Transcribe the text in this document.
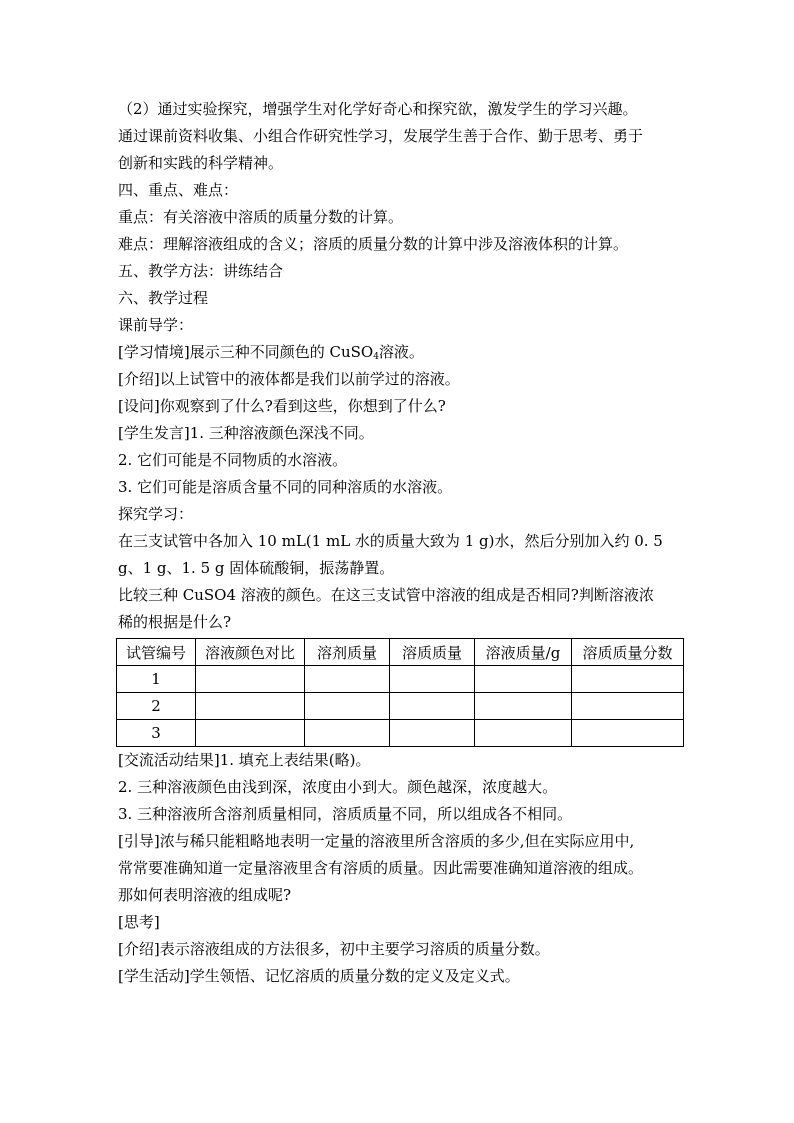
（2）通过实验探究，增强学生对化学好奇心和探究欲，激发学生的学习兴趣。
通过课前资料收集、小组合作研究性学习，发展学生善于合作、勤于思考、勇于
创新和实践的科学精神。
四、重点、难点：
重点：有关溶液中溶质的质量分数的计算。
难点：理解溶液组成的含义；溶质的质量分数的计算中涉及溶液体积的计算。
五、教学方法：讲练结合
六、教学过程
课前导学：
[学习情境]展示三种不同颜色的 CuSO$_4$溶液。
[介绍]以上试管中的液体都是我们以前学过的溶液。
[设问]你观察到了什么?看到这些，你想到了什么?
[学生发言]1. 三种溶液颜色深浅不同。
2. 它们可能是不同物质的水溶液。
3. 它们可能是溶质含量不同的同种溶质的水溶液。
探究学习：
在三支试管中各加入 10 mL(1 mL 水的质量大致为 1 g)水，然后分别加入约 0. 5
g、1 g、1. 5 g 固体硫酸铜，振荡静置。
比较三种 CuSO4 溶液的颜色。在这三支试管中溶液的组成是否相同?判断溶液浓
稀的根据是什么?
试管编号	溶液颜色对比	溶剂质量	溶质质量	溶液质量/g	溶质质量分数
1					
2					
3					
[交流活动结果]1. 填充上表结果(略)。
2. 三种溶液颜色由浅到深，浓度由小到大。颜色越深，浓度越大。
3. 三种溶液所含溶剂质量相同，溶质质量不同，所以组成各不相同。
[引导]浓与稀只能粗略地表明一定量的溶液里所含溶质的多少,但在实际应用中,
常常要准确知道一定量溶液里含有溶质的质量。因此需要准确知道溶液的组成。
那如何表明溶液的组成呢?
[思考]
[介绍]表示溶液组成的方法很多，初中主要学习溶质的质量分数。
[学生活动]学生领悟、记忆溶质的质量分数的定义及定义式。
